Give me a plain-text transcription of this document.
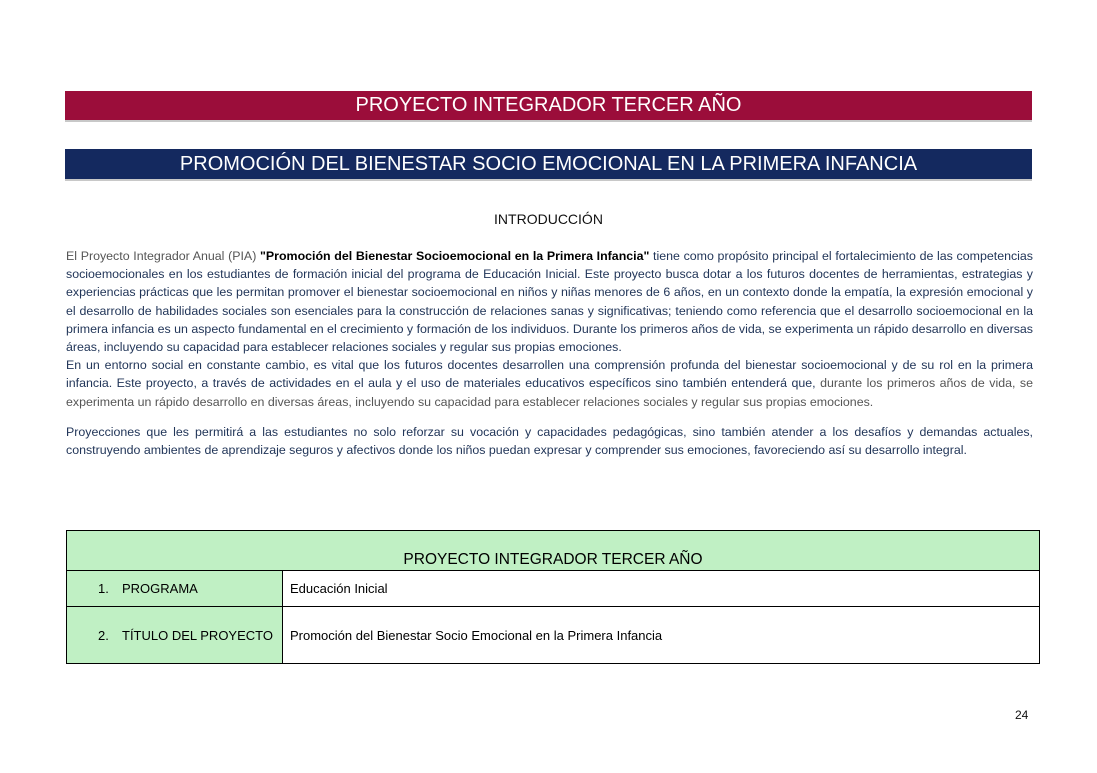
PROYECTO INTEGRADOR TERCER AÑO
PROMOCIÓN DEL BIENESTAR SOCIO EMOCIONAL EN LA PRIMERA INFANCIA
INTRODUCCIÓN

El Proyecto Integrador Anual (PIA) "Promoción del Bienestar Socioemocional en la Primera Infancia" tiene como propósito principal el fortalecimiento de las competencias socioemocionales en los estudiantes de formación inicial del programa de Educación Inicial. Este proyecto busca dotar a los futuros docentes de herramientas, estrategias y experiencias prácticas que les permitan promover el bienestar socioemocional en niños y niñas menores de 6 años, en un contexto donde la empatía, la expresión emocional y el desarrollo de habilidades sociales son esenciales para la construcción de relaciones sanas y significativas; teniendo como referencia que el desarrollo socioemocional en la primera infancia es un aspecto fundamental en el crecimiento y formación de los individuos. Durante los primeros años de vida, se experimenta un rápido desarrollo en diversas áreas, incluyendo su capacidad para establecer relaciones sociales y regular sus propias emociones.
En un entorno social en constante cambio, es vital que los futuros docentes desarrollen una comprensión profunda del bienestar socioemocional y de su rol en la primera infancia. Este proyecto, a través de actividades en el aula y el uso de materiales educativos específicos sino también entenderá que, durante los primeros años de vida, se experimenta un rápido desarrollo en diversas áreas, incluyendo su capacidad para establecer relaciones sociales y regular sus propias emociones.

Proyecciones que les permitirá a las estudiantes no solo reforzar su vocación y capacidades pedagógicas, sino también atender a los desafíos y demandas actuales, construyendo ambientes de aprendizaje seguros y afectivos donde los niños puedan expresar y comprender sus emociones, favoreciendo así su desarrollo integral.

PROYECTO INTEGRADOR TERCER AÑO	
1. PROGRAMA	Educación Inicial
2. TÍTULO DEL PROYECTO	Promoción del Bienestar Socio Emocional en la Primera Infancia
24
